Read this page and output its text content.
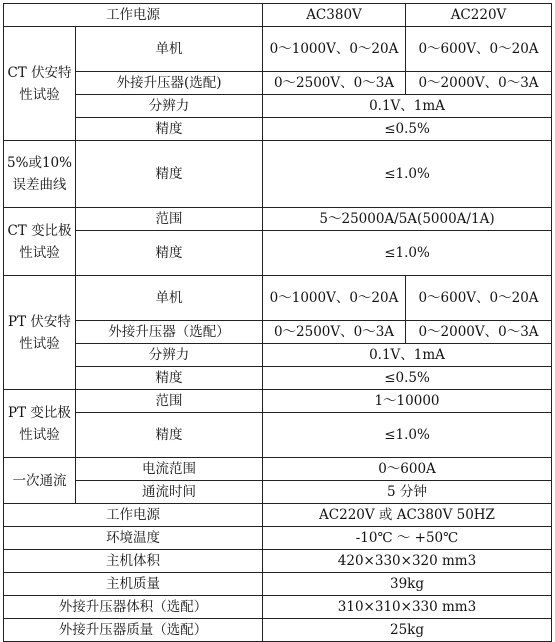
工作电源		AC380V	AC220V
CT 伏安特性试验	单机	0～1000V、0～20A	0～600V、0～20A
	外接升压器(选配)	0～2500V、0～3A	0～2000V、0～3A
	分辨力	0.1V、1mA	
	精度	≤0.5%	
5%或10%误差曲线	精度	≤1.0%	
CT 变比极性试验	范围	5～25000A/5A(5000A/1A)	
	精度	≤1.0%	
PT 伏安特性试验	单机	0～1000V、0～20A	0～600V、0～20A
	外接升压器（选配）	0～2500V、0～3A	0～2000V、0～3A
	分辨力	0.1V、1mA	
	精度	≤0.5%	
PT 变比极性试验	范围	1～10000	
	精度	≤1.0%	
一次通流	电流范围	0～600A	
	通流时间	5 分钟	
工作电源		AC220V 或 AC380V 50HZ	
环境温度		-10℃ ～ +50℃	
主机体积		420×330×320 mm3	
主机质量		39kg	
外接升压器体积（选配）		310×310×330 mm3	
外接升压器质量（选配）		25kg	
